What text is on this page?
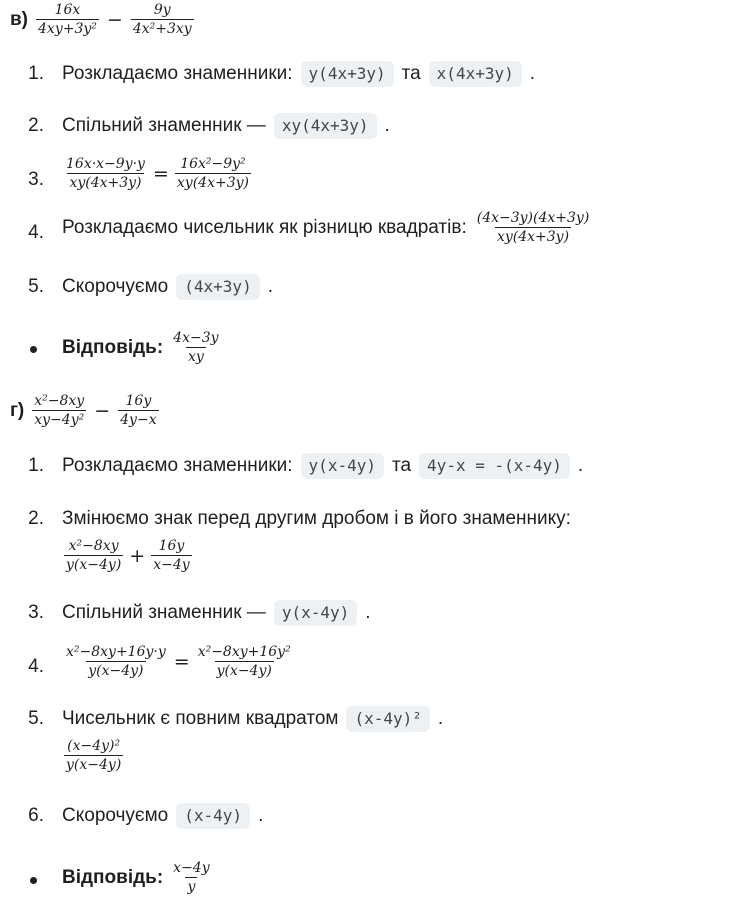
$в) \frac{16x}{\text{4xy+3y²}} - \frac{9y}{\text{4x²+3xy}}$
1. Розкладаємо знаменники:	y(4x+3y) та	x(4x+3y) .
2. Спільний знаменник —	xy(4x+3y) .
3. $\frac{16x\cdot x-9y\cdot y}{xy(4x+3y)} = \frac{\text{16x²−9y²}}{xy(4x+3y)}$
4. Розкладаємо чисельник як різницю квадратів: $\frac{(4x-3y)(4x+3y)}{xy(4x+3y)}$
5. Скорочуємо	(4x+3y) .
Відповідь: $\frac{4x-3y}{xy}$
$г) \frac{\text{x²−8xy}}{\text{xy−4y²}} - \frac{16y}{4y-x}$
1. Розкладаємо знаменники:	y(x-4y) та	4y-x = -(x-4y) .
2. Змінюємо знак перед другим дробом і в його знаменнику:
$\frac{\text{x²−8xy}}{y(x-4y)} + \frac{16y}{x-4y}$
3. Спільний знаменник —	y(x-4y) .
4. $\frac{\text{x²−8xy+16y·y}}{y(x-4y)} = \frac{\text{x²−8xy+16y²}}{y(x-4y)}$
5. Чисельник є повним квадратом	(x-4y)² .
$\frac{\text{(x−4y)²}}{y(x-4y)}$
6. Скорочуємо	(x-4y) .
Відповідь: $\frac{x-4y}{y}$
